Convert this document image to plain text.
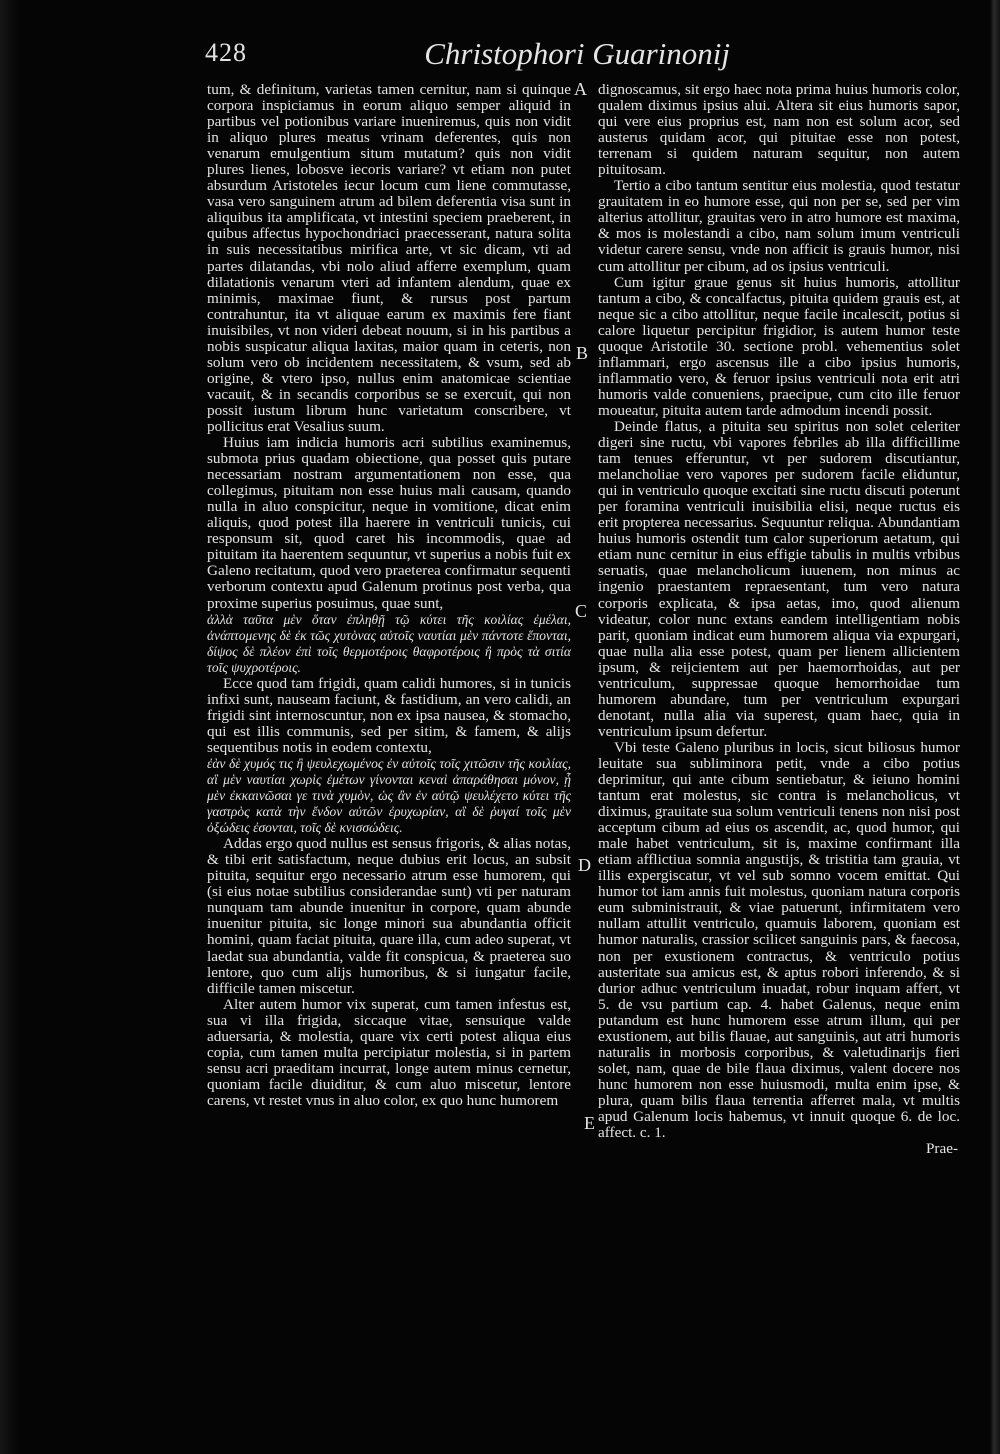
428	Christophori Guarinonij
A
B
C
D
E

tum, & definitum, varietas tamen cernitur, nam si quinque corpora inspiciamus in eorum aliquo semper aliquid in partibus vel potionibus variare inueniremus, quis non vidit in aliquo plures meatus vrinam deferentes, quis non venarum emulgentium situm mutatum? quis non vidit plures lienes, lobosve iecoris variare? vt etiam non putet absurdum Aristoteles iecur locum cum liene commutasse, vasa vero sanguinem atrum ad bilem deferentia visa sunt in aliquibus ita amplificata, vt intestini speciem praeberent, in quibus affectus hypochondriaci praecesserant, natura solita in suis necessitatibus mirifica arte, vt sic dicam, vti ad partes dilatandas, vbi nolo aliud afferre exemplum, quam dilatationis venarum vteri ad infantem alendum, quae ex minimis, maximae fiunt, & rursus post partum contrahuntur, ita vt aliquae earum ex maximis fere fiant inuisibiles, vt non videri debeat nouum, si in his partibus a nobis suspicatur aliqua laxitas, maior quam in ceteris, non solum vero ob incidentem necessitatem, & vsum, sed ab origine, & vtero ipso, nullus enim anatomicae scientiae vacauit, & in secandis corporibus se se exercuit, qui non possit iustum librum hunc varietatum conscribere, vt pollicitus erat Vesalius suum.

Huius iam indicia humoris acri subtilius examinemus, submota prius quadam obiectione, qua posset quis putare necessariam nostram argumentationem non esse, qua collegimus, pituitam non esse huius mali causam, quando nulla in aluo conspicitur, neque in vomitione, dicat enim aliquis, quod potest illa haerere in ventriculi tunicis, cui responsum sit, quod caret his incommodis, quae ad pituitam ita haerentem sequuntur, vt superius a nobis fuit ex Galeno recitatum, quod vero praeterea confirmatur sequenti verborum contextu apud Galenum protinus post verba, qua proxime superius posuimus, quae sunt,

ἀλλὰ ταῦτα μὲν ὅταν ἐπληθῇ τῷ κύτει τῆς κοιλίας ἐμέλαι, ἀνάπτομενης δὲ ἐκ τῶς χυτὸνας αὐτοῖς ναυτίαι μὲν πάντοτε ἕπονται, δίψος δὲ πλέον ἐπὶ τοῖς θερμοτέροις θαφροτέροις ἢ πρὸς τὰ σιτία τοῖς ψυχροτέροις.

Ecce quod tam frigidi, quam calidi humores, si in tunicis infixi sunt, nauseam faciunt, & fastidium, an vero calidi, an frigidi sint internoscuntur, non ex ipsa nausea, & stomacho, qui est illis communis, sed per sitim, & famem, & alijs sequentibus notis in eodem contextu,

ἐὰν δὲ χυμός τις ἢ ψευλεχωμένος ἐν αὐτοῖς τοῖς χιτῶσιν τῆς κοιλίας, αἳ μὲν ναυτίαι χωρὶς ἐμέτων γίνονται κεναὶ ἀπαράθησαι μόνον, ᾗ μὲν ἐκκαινῶσαι γε τινὰ χυμὸν, ὡς ἂν ἐν αὐτῷ ψευλέχετο κύτει τῆς γαστρὸς κατὰ τὴν ἔνδον αὐτῶν ἐρυχωρίαν, αἳ δὲ ῥυγαί τοῖς μὲν ὀξώδεις ἐσονται, τοῖς δὲ κνισσώδεις.

Addas ergo quod nullus est sensus frigoris, & alias notas, & tibi erit satisfactum, neque dubius erit locus, an subsit pituita, sequitur ergo necessario atrum esse humorem, qui (si eius notae subtilius considerandae sunt) vti per naturam nunquam tam abunde inuenitur in corpore, quam abunde inuenitur pituita, sic longe minori sua abundantia officit homini, quam faciat pituita, quare illa, cum adeo superat, vt laedat sua abundantia, valde fit conspicua, & praeterea suo lentore, quo cum alijs humoribus, & si iungatur facile, difficile tamen miscetur.

Alter autem humor vix superat, cum tamen infestus est, sua vi illa frigida, siccaque vitae, sensuique valde aduersaria, & molestia, quare vix certi potest aliqua eius copia, cum tamen multa percipiatur molestia, si in partem sensu acri praeditam incurrat, longe autem minus cernetur, quoniam facile diuiditur, & cum aluo miscetur, lentore carens, vt restet vnus in aluo color, ex quo hunc humorem

dignoscamus, sit ergo haec nota prima huius humoris color, qualem diximus ipsius alui. Altera sit eius humoris sapor, qui vere eius proprius est, nam non est solum acor, sed austerus quidam acor, qui pituitae esse non potest, terrenam si quidem naturam sequitur, non autem pituitosam.

Tertio a cibo tantum sentitur eius molestia, quod testatur grauitatem in eo humore esse, qui non per se, sed per vim alterius attollitur, grauitas vero in atro humore est maxima, & mos is molestandi a cibo, nam solum imum ventriculi videtur carere sensu, vnde non afficit is grauis humor, nisi cum attollitur per cibum, ad os ipsius ventriculi.

Cum igitur graue genus sit huius humoris, attollitur tantum a cibo, & concalfactus, pituita quidem grauis est, at neque sic a cibo attollitur, neque facile incalescit, potius si calore liquetur percipitur frigidior, is autem humor teste quoque Aristotile 30. sectione probl. vehementius solet inflammari, ergo ascensus ille a cibo ipsius humoris, inflammatio vero, & feruor ipsius ventriculi nota erit atri humoris valde conueniens, praecipue, cum cito ille feruor moueatur, pituita autem tarde admodum incendi possit.

Deinde flatus, a pituita seu spiritus non solet celeriter digeri sine ructu, vbi vapores febriles ab illa difficillime tam tenues efferuntur, vt per sudorem discutiantur, melancholiae vero vapores per sudorem facile eliduntur, qui in ventriculo quoque excitati sine ructu discuti poterunt per foramina ventriculi inuisibilia elisi, neque ructus eis erit propterea necessarius. Sequuntur reliqua. Abundantiam huius humoris ostendit tum calor superiorum aetatum, qui etiam nunc cernitur in eius effigie tabulis in multis vrbibus seruatis, quae melancholicum iuuenem, non minus ac ingenio praestantem repraesentant, tum vero natura corporis explicata, & ipsa aetas, imo, quod alienum videatur, color nunc extans eandem intelligentiam nobis parit, quoniam indicat eum humorem aliqua via expurgari, quae nulla alia esse potest, quam per lienem allicientem ipsum, & reijcientem aut per haemorrhoidas, aut per ventriculum, suppressae quoque hemorrhoidae tum humorem abundare, tum per ventriculum expurgari denotant, nulla alia via superest, quam haec, quia in ventriculum ipsum defertur.

Vbi teste Galeno pluribus in locis, sicut biliosus humor leuitate sua subliminora petit, vnde a cibo potius deprimitur, qui ante cibum sentiebatur, & ieiuno homini tantum erat molestus, sic contra is melancholicus, vt diximus, grauitate sua solum ventriculi tenens non nisi post acceptum cibum ad eius os ascendit, ac, quod humor, qui male habet ventriculum, sit is, maxime confirmant illa etiam afflictiua somnia angustijs, & tristitia tam grauia, vt illis expergiscatur, vt vel sub somno vocem emittat. Qui humor tot iam annis fuit molestus, quoniam natura corporis eum subministrauit, & viae patuerunt, infirmitatem vero nullam attullit ventriculo, quamuis laborem, quoniam est humor naturalis, crassior scilicet sanguinis pars, & faecosa, non per exustionem contractus, & ventriculo potius austeritate sua amicus est, & aptus robori inferendo, & si durior adhuc ventriculum inuadat, robur inquam affert, vt 5. de vsu partium cap. 4. habet Galenus, neque enim putandum est hunc humorem esse atrum illum, qui per exustionem, aut bilis flauae, aut sanguinis, aut atri humoris naturalis in morbosis corporibus, & valetudinarijs fieri solet, nam, quae de bile flaua diximus, valent docere nos hunc humorem non esse huiusmodi, multa enim ipse, & plura, quam bilis flaua terrentia afferret mala, vt multis apud Galenum locis habemus, vt innuit quoque 6. de loc. affect. c. 1.

Prae-
